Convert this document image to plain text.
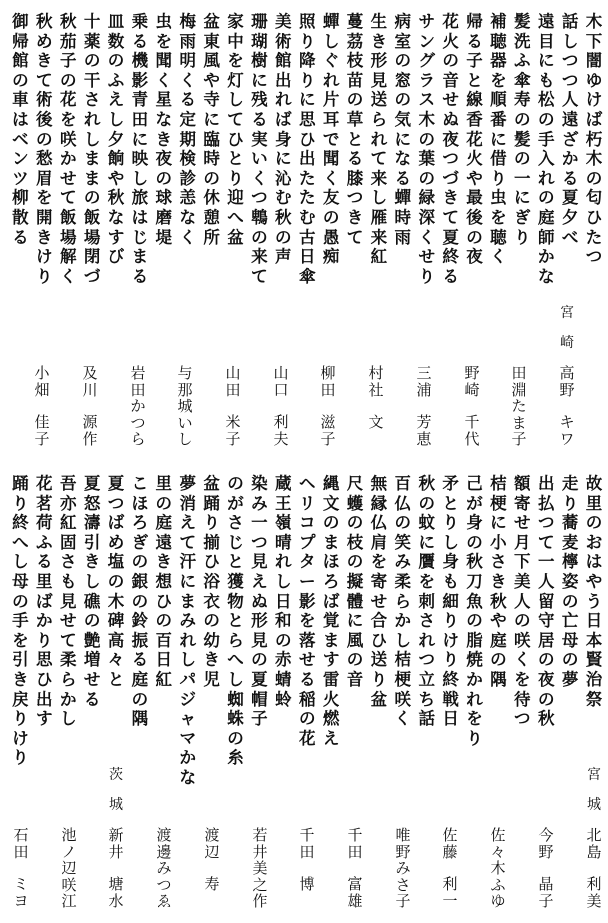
木
下
闇
ゆ
け
ば
朽
木
の
匂
ひ
た
つ
話
し
つ
つ
人
遠
ざ
か
る
夏
夕
べ
遠
目
に
も
松
の
手
入
れ
の
庭
師
か
な
髪
洗
ふ
傘
寿
の
髪
の
一
に
ぎ
り
補
聴
器
を
順
番
に
借
り
虫
を
聴
く
帰
る
子
と
線
香
花
火
や
最
後
の
夜
花
火
の
音
せ
ぬ
夜
つ
づ
き
て
夏
終
る
サ
ン
グ
ラ
ス
木
の
葉
の
緑
深
く
せ
り
病
室
の
窓
の
気
に
な
る
蟬
時
雨
生
き
形
見
送
ら
れ
て
来
し
雁
来
紅
蔓
茘
枝
苗
の
草
と
る
膝
つ
き
て
蟬
し
ぐ
れ
片
耳
で
聞
く
友
の
愚
痴
照
り
降
り
に
思
ひ
出
た
た
む
古
日
傘
美
術
館
出
れ
ば
身
に
沁
む
秋
の
声
珊
瑚
樹
に
残
る
実
い
く
つ
鵯
の
来
て
家
中
を
灯
し
て
ひ
と
り
迎
へ
盆
盆
東
風
や
寺
に
臨
時
の
休
憩
所
梅
雨
明
く
る
定
期
検
診
恙
な
く
虫
を
聞
く
星
な
き
夜
の
球
磨
堤
乗
る
機
影
青
田
に
映
し
旅
は
じ
ま
る
皿
数
の
ふ
え
し
夕
餉
や
秋
な
す
び
十
薬
の
干
さ
れ
し
ま
ま
の
飯
場
閉
づ
秋
茄
子
の
花
を
咲
か
せ
て
飯
場
解
く
秋
め
き
て
術
後
の
愁
眉
を
開
き
け
り
御
帰
館
の
車
は
ベ
ン
ツ
柳
散
る
宮
崎
高
野
キ
ワ
田
淵
た
ま
子
野
崎
千
代
三
浦
芳
恵
村
社
文
柳
田
滋
子
山
口
利
夫
山
田
米
子
与
那
城
い
し
岩
田
か
つ
ら
及
川
源
作
小
畑
佳
子
故
里
の
お
は
や
う
日
本
賢
治
祭
走
り
蕎
麦
檸
姿
の
亡
母
の
夢
出
払
つ
て
一
人
留
守
居
の
夜
の
秋
額
寄
せ
月
下
美
人
の
咲
く
を
待
つ
桔
梗
に
小
さ
き
秋
や
庭
の
隅
己
が
身
の
秋
刀
魚
の
脂
焼
か
れ
を
り
矛
と
り
し
身
も
細
り
け
り
終
戦
日
秋
の
蚊
に
贋
を
刺
さ
れ
つ
立
ち
話
百
仏
の
笑
み
柔
ら
か
し
桔
梗
咲
く
無
縁
仏
肩
を
寄
せ
合
ひ
送
り
盆
尺
蠖
の
枝
の
擬
體
に
風
の
音
縄
文
の
ま
ほ
ろ
ば
覚
ま
す
雷
火
燃
え
ヘ
リ
コ
プ
タ
ー
影
を
落
せ
る
稲
の
花
蔵
王
嶺
晴
れ
し
日
和
の
赤
蜻
蛉
染
み
一
つ
見
え
ぬ
形
見
の
夏
帽
子
の
が
さ
じ
と
獲
物
と
ら
へ
し
蜘
蛛
の
糸
盆
踊
り
揃
ひ
浴
衣
の
幼
き
児
夢
消
え
て
汗
に
ま
み
れ
し
パ
ジ
ャ
マ
か
な
里
の
庭
遠
き
想
ひ
の
百
日
紅
こ
ほ
ろ
ぎ
の
銀
の
鈴
振
る
庭
の
隅
夏
つ
ば
め
塩
の
木
碑
高
々
と
夏
怒
濤
引
き
し
礁
の
艶
増
せ
る
吾
亦
紅
固
さ
も
見
せ
て
柔
ら
か
し
花
茗
荷
ふ
る
里
ば
か
り
思
ひ
出
す
踊
り
終
へ
し
母
の
手
を
引
き
戻
り
け
り
宮
城
茨
城
北
島
利
美
今
野
晶
子
佐
々
木
ふ
ゆ
佐
藤
利
一
唯
野
み
さ
子
千
田
富
雄
千
田
博
若
井
美
之
作
渡
辺
寿
渡
邊
み
つ
ゑ
新
井
塘
水
池
ノ
辺
咲
江
石
田
ミ
ヨ
